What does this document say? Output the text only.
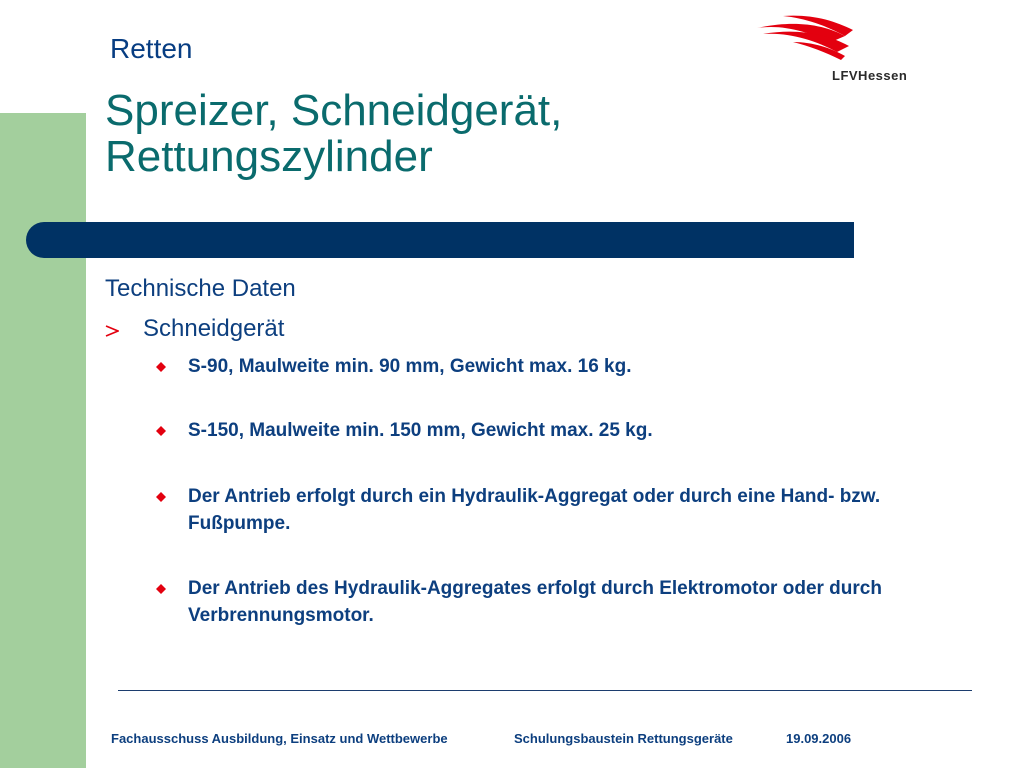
Retten
Spreizer, Schneidgerät,
Rettungszylinder
LFVHessen
Technische Daten
Schneidgerät
S-90, Maulweite min. 90 mm, Gewicht max. 16 kg.
S-150, Maulweite min. 150 mm, Gewicht max. 25 kg.
Der Antrieb erfolgt durch ein Hydraulik-Aggregat oder durch eine Hand- bzw. Fußpumpe.
Der Antrieb des Hydraulik-Aggregates erfolgt durch Elektromotor oder durch Verbrennungsmotor.
Fachausschuss Ausbildung, Einsatz und Wettbewerbe	Schulungsbaustein Rettungsgeräte	19.09.2006
